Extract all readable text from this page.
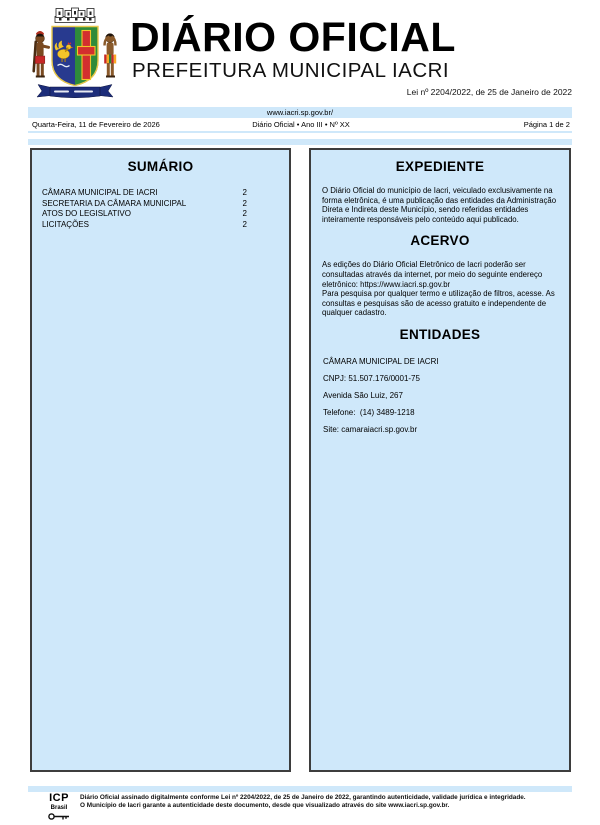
DIÁRIO OFICIAL
PREFEITURA MUNICIPAL IACRI
Lei nº 2204/2022, de 25 de Janeiro de 2022
www.iacri.sp.gov.br/
Quarta-Feira, 11 de Fevereiro de 2026	Diário Oficial • Ano III • Nº XX	Página 1 de 2
SUMÁRIO
CÂMARA MUNICIPAL DE IACRI	2
SECRETARIA DA CÂMARA MUNICIPAL	2
ATOS DO LEGISLATIVO	2
LICITAÇÕES	2
EXPEDIENTE

O Diário Oficial do município de Iacri, veiculado exclusivamente na forma eletrônica, é uma publicação das entidades da Administração Direta e Indireta deste Município, sendo referidas entidades inteiramente responsáveis pelo conteúdo aqui publicado.

ACERVO

As edições do Diário Oficial Eletrônico de Iacri poderão ser consultadas através da internet, por meio do seguinte endereço eletrônico: https://www.iacri.sp.gov.br

Para pesquisa por qualquer termo e utilização de filtros, acesse. As consultas e pesquisas são de acesso gratuito e independente de qualquer cadastro.

ENTIDADES
CÂMARA MUNICIPAL DE IACRI
CNPJ: 51.507.176/0001-75
Avenida São Luiz, 267
Telefone:  (14) 3489-1218
Site: camaraiacri.sp.gov.br
ICP
Brasil
Diário Oficial assinado digitalmente conforme Lei nº 2204/2022, de 25 de Janeiro de 2022, garantindo autenticidade, validade jurídica e integridade.
O Município de Iacri garante a autenticidade deste documento, desde que visualizado através do site www.iacri.sp.gov.br.
